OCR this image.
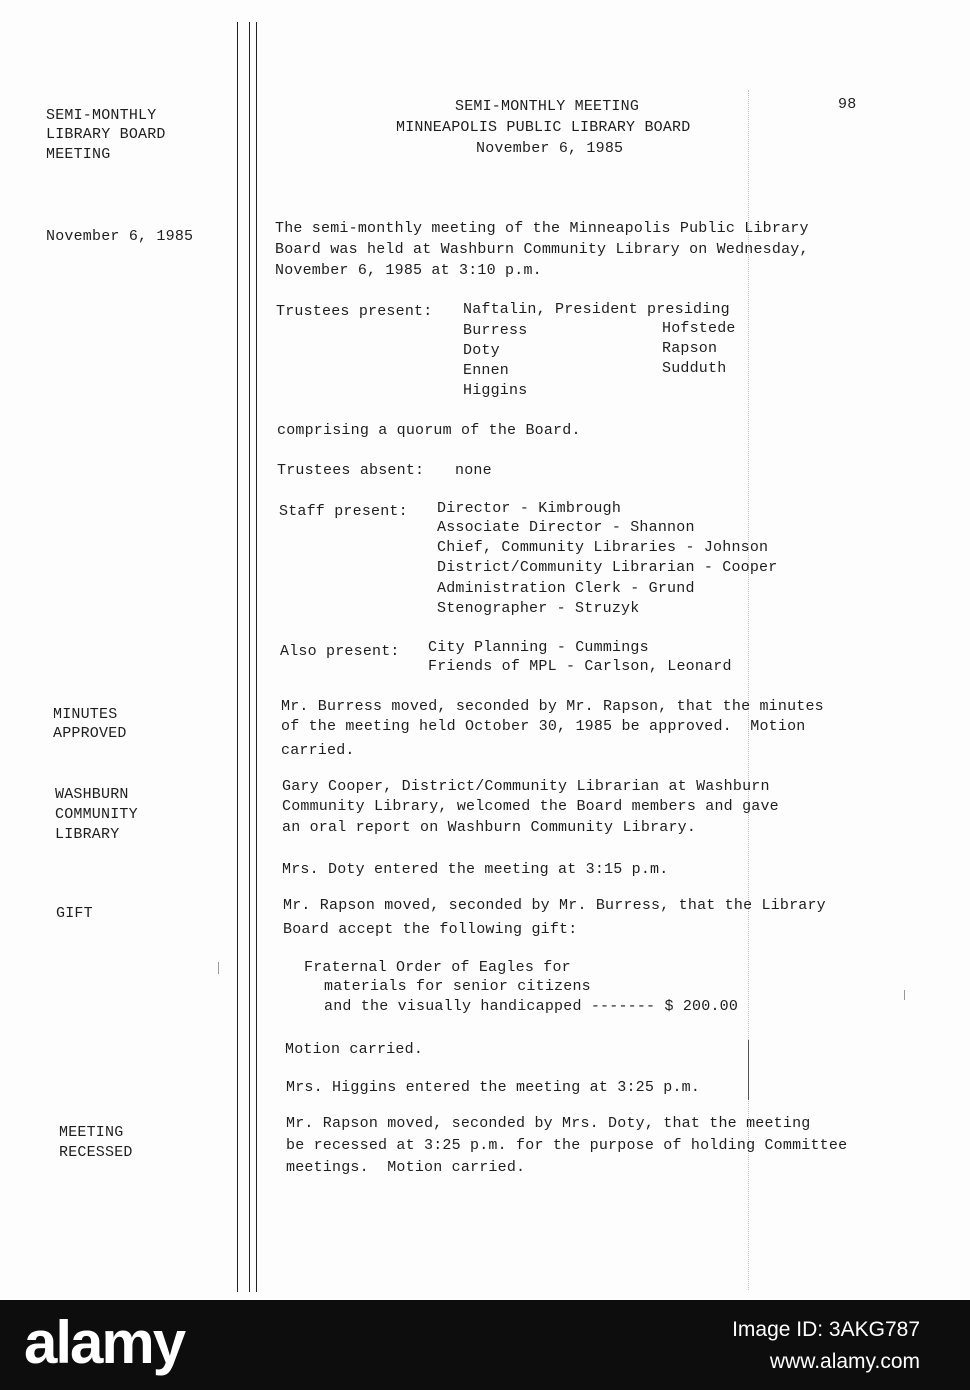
SEMI-MONTHLY
LIBRARY BOARD
MEETING
November 6, 1985
MINUTES
APPROVED
WASHBURN
COMMUNITY
LIBRARY
GIFT
MEETING
RECESSED
SEMI-MONTHLY MEETING
MINNEAPOLIS PUBLIC LIBRARY BOARD
November 6, 1985
98
The semi-monthly meeting of the Minneapolis Public Library
Board was held at Washburn Community Library on Wednesday,
November 6, 1985 at 3:10 p.m.
Trustees present: Naftalin, President presiding
Burress
Doty
Ennen
Higgins
Hofstede
Rapson
Sudduth
comprising a quorum of the Board.
Trustees absent: none
Staff present: Director - Kimbrough
Associate Director - Shannon
Chief, Community Libraries - Johnson
District/Community Librarian - Cooper
Administration Clerk - Grund
Stenographer - Struzyk
Also present: City Planning - Cummings
Friends of MPL - Carlson, Leonard
Mr. Burress moved, seconded by Mr. Rapson, that the minutes
of the meeting held October 30, 1985 be approved.  Motion
carried.
Gary Cooper, District/Community Librarian at Washburn
Community Library, welcomed the Board members and gave
an oral report on Washburn Community Library.
Mrs. Doty entered the meeting at 3:15 p.m.
Mr. Rapson moved, seconded by Mr. Burress, that the Library
Board accept the following gift:
Fraternal Order of Eagles for
materials for senior citizens
and the visually handicapped ------- $ 200.00
Motion carried.
Mrs. Higgins entered the meeting at 3:25 p.m.
Mr. Rapson moved, seconded by Mrs. Doty, that the meeting
be recessed at 3:25 p.m. for the purpose of holding Committee
meetings.  Motion carried.
alamy	Image ID: 3AKG787
www.alamy.com
